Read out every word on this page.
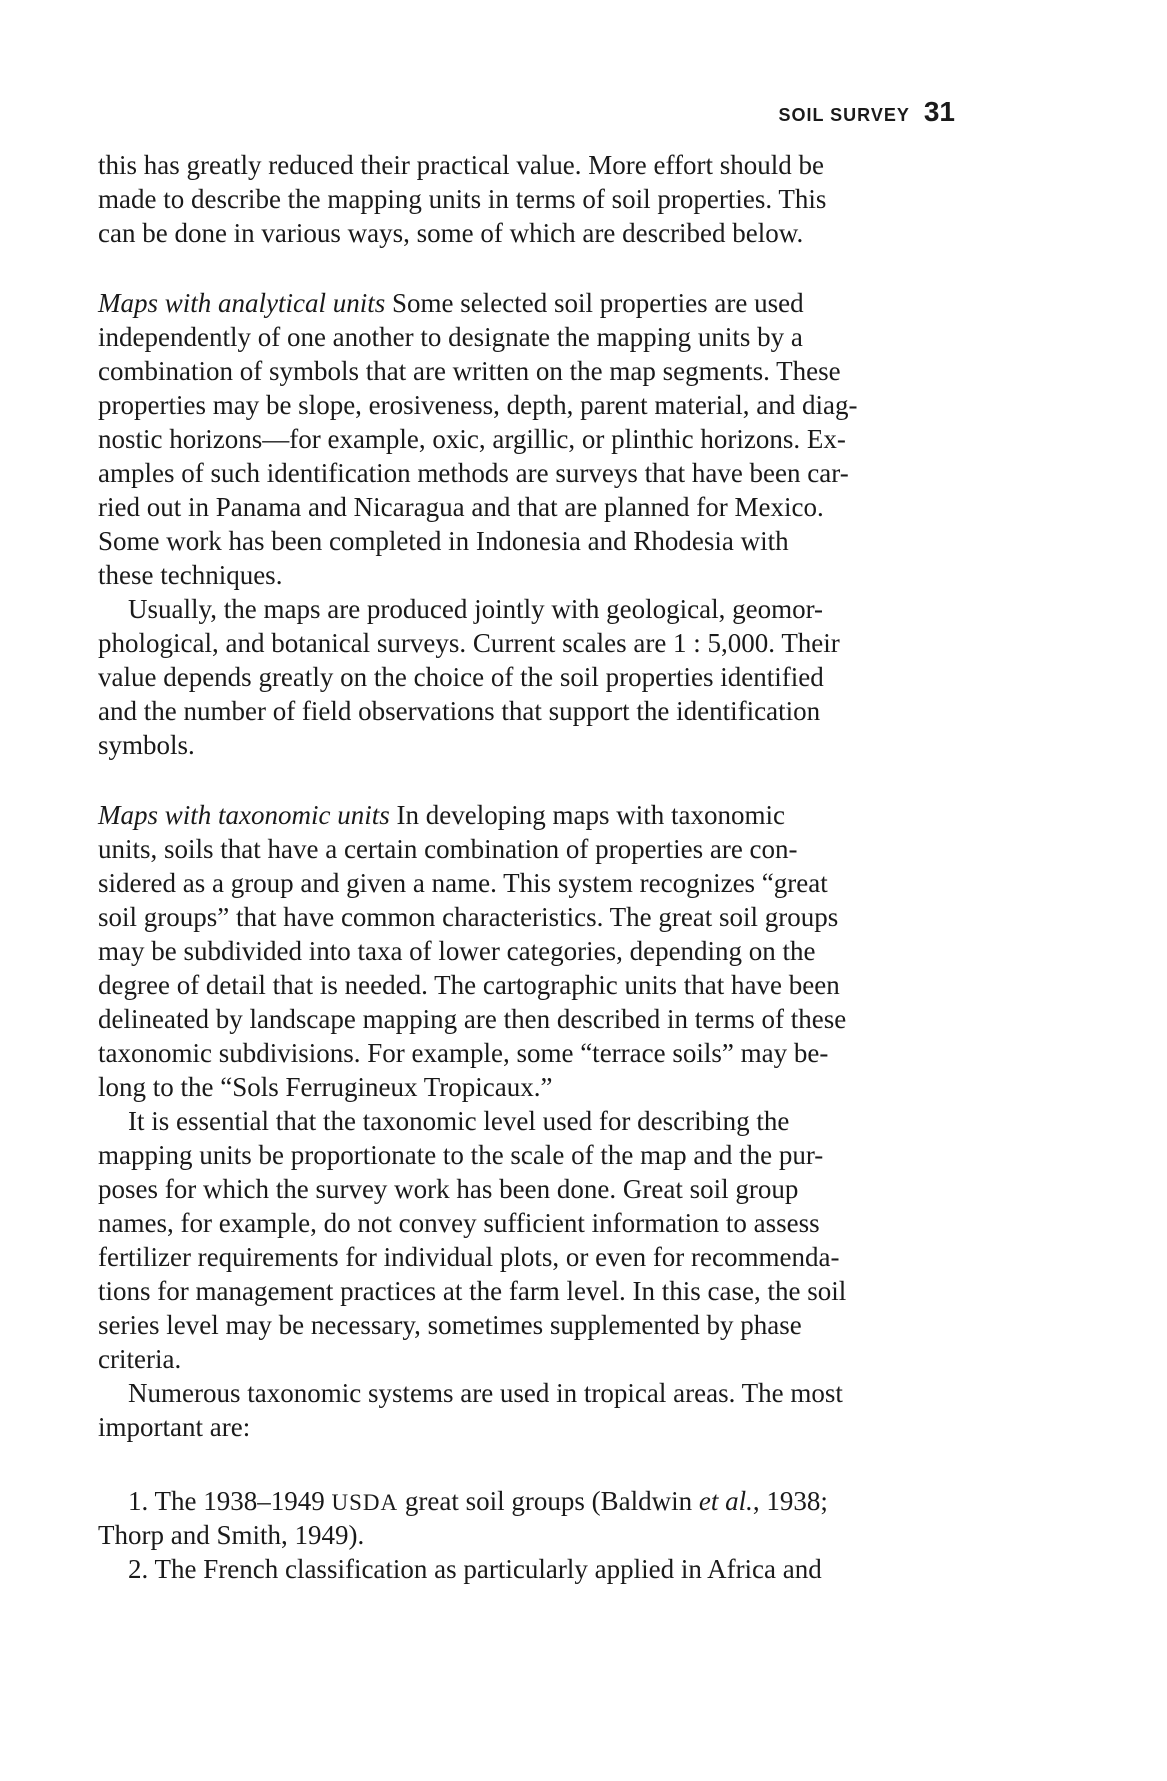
SOIL SURVEY 31
this has greatly reduced their practical value. More effort should be
made to describe the mapping units in terms of soil properties. This
can be done in various ways, some of which are described below.
Maps with analytical units Some selected soil properties are used
independently of one another to designate the mapping units by a
combination of symbols that are written on the map segments. These
properties may be slope, erosiveness, depth, parent material, and diag-
nostic horizons—for example, oxic, argillic, or plinthic horizons. Ex-
amples of such identification methods are surveys that have been car-
ried out in Panama and Nicaragua and that are planned for Mexico.
Some work has been completed in Indonesia and Rhodesia with
these techniques.
Usually, the maps are produced jointly with geological, geomor-
phological, and botanical surveys. Current scales are 1 : 5,000. Their
value depends greatly on the choice of the soil properties identified
and the number of field observations that support the identification
symbols.
Maps with taxonomic units In developing maps with taxonomic
units, soils that have a certain combination of properties are con-
sidered as a group and given a name. This system recognizes “great
soil groups” that have common characteristics. The great soil groups
may be subdivided into taxa of lower categories, depending on the
degree of detail that is needed. The cartographic units that have been
delineated by landscape mapping are then described in terms of these
taxonomic subdivisions. For example, some “terrace soils” may be-
long to the “Sols Ferrugineux Tropicaux.”
It is essential that the taxonomic level used for describing the
mapping units be proportionate to the scale of the map and the pur-
poses for which the survey work has been done. Great soil group
names, for example, do not convey sufficient information to assess
fertilizer requirements for individual plots, or even for recommenda-
tions for management practices at the farm level. In this case, the soil
series level may be necessary, sometimes supplemented by phase
criteria.
Numerous taxonomic systems are used in tropical areas. The most
important are:
1. The 1938–1949 USDA great soil groups (Baldwin et al., 1938;
Thorp and Smith, 1949).
2. The French classification as particularly applied in Africa and
